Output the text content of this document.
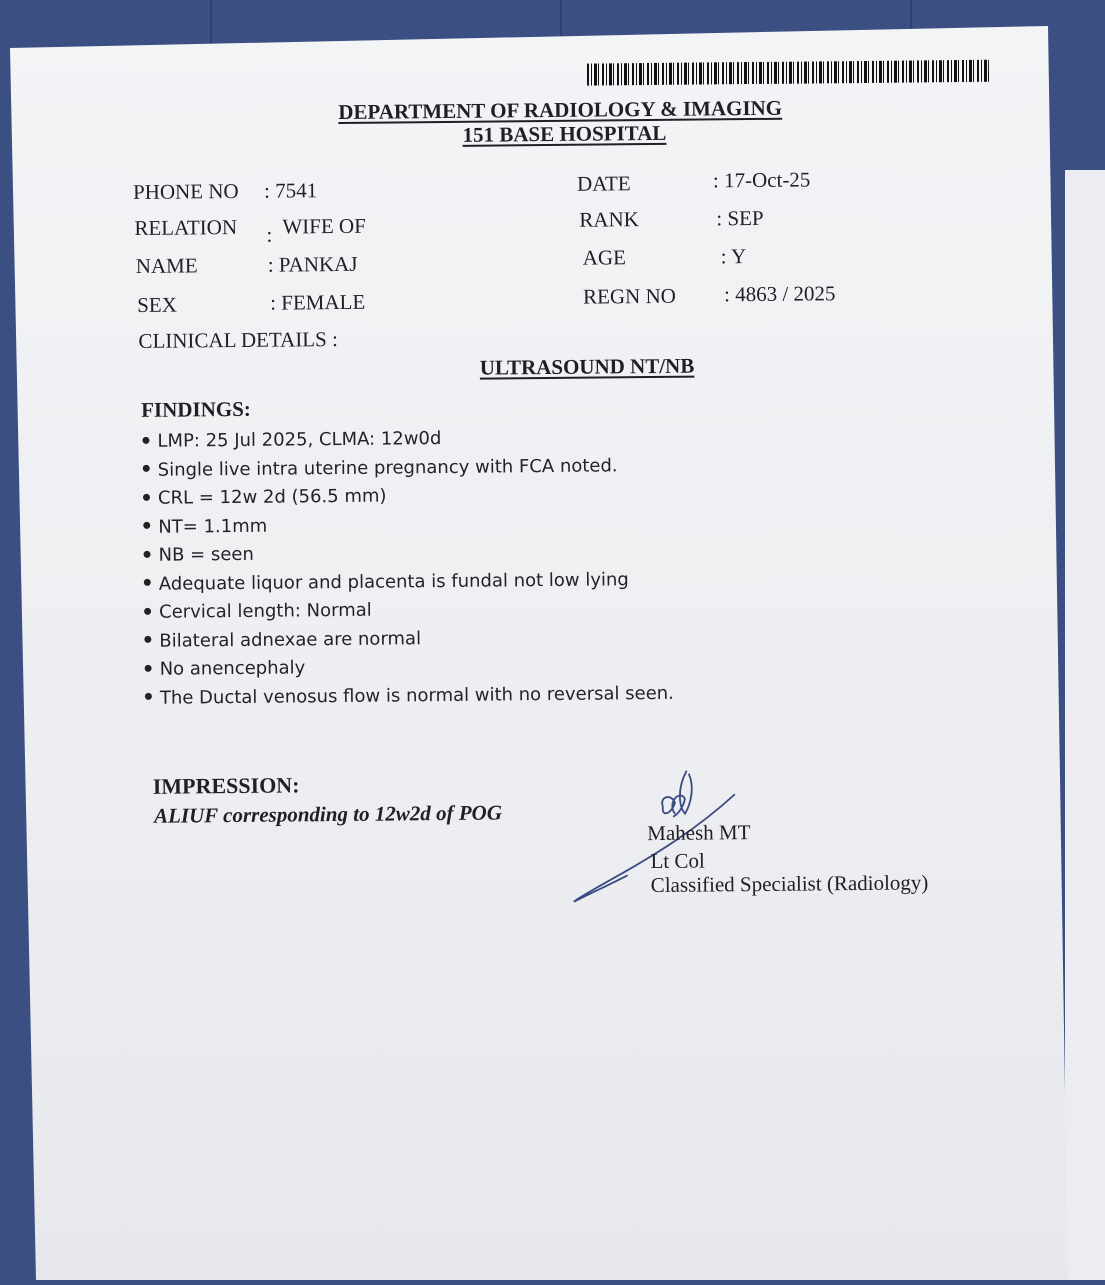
DEPARTMENT OF RADIOLOGY & IMAGING
151 BASE HOSPITAL
PHONE NO : 7541
RELATION : WIFE OF
NAME	: PANKAJ
SEX	: FEMALE
CLINICAL DETAILS :
DATE	: 17-Oct-25
RANK	: SEP
AGE	: Y
REGN NO : 4863 / 2025
ULTRASOUND NT/NB
FINDINGS:
LMP: 25 Jul 2025, CLMA: 12w0d
Single live intra uterine pregnancy with FCA noted.
CRL = 12w 2d (56.5 mm)
NT= 1.1mm
NB = seen
Adequate liquor and placenta is fundal not low lying
Cervical length: Normal
Bilateral adnexae are normal
No anencephaly
The Ductal venosus flow is normal with no reversal seen.
IMPRESSION:
ALIUF corresponding to 12w2d of POG
Mahesh MT
Lt Col
Classified Specialist (Radiology)
